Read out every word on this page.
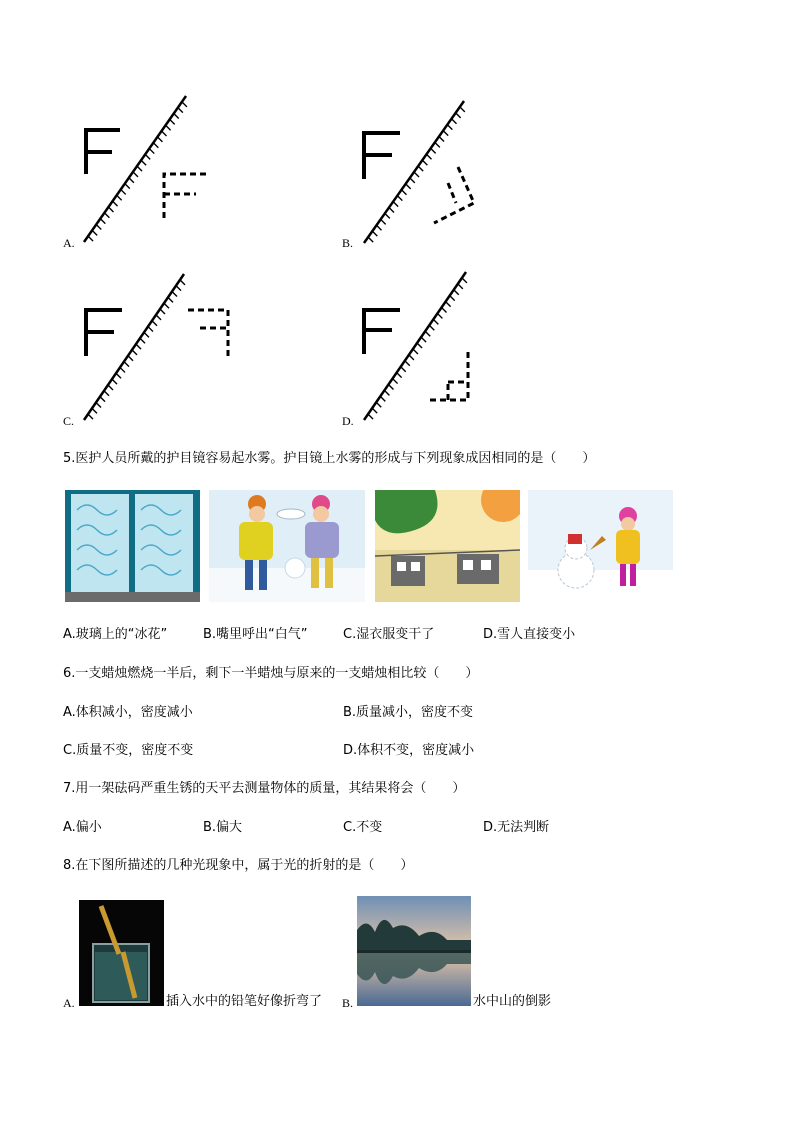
A.	B.
C.	D.
5.医护人员所戴的护目镜容易起水雾。护目镜上水雾的形成与下列现象成因相同的是（　　）
A.玻璃上的“冰花”	B.嘴里呼出“白气”	C.湿衣服变干了	D.雪人直接变小
6.一支蜡烛燃烧一半后，剩下一半蜡烛与原来的一支蜡烛相比较（　　）
A.体积减小，密度减小	B.质量减小，密度不变
C.质量不变，密度不变	D.体积不变，密度减小
7.用一架砝码严重生锈的天平去测量物体的质量，其结果将会（　　）
A.偏小	B.偏大	C.不变	D.无法判断
8.在下图所描述的几种光现象中，属于光的折射的是（　　）
A.	插入水中的铅笔好像折弯了 B.	水中山的倒影
